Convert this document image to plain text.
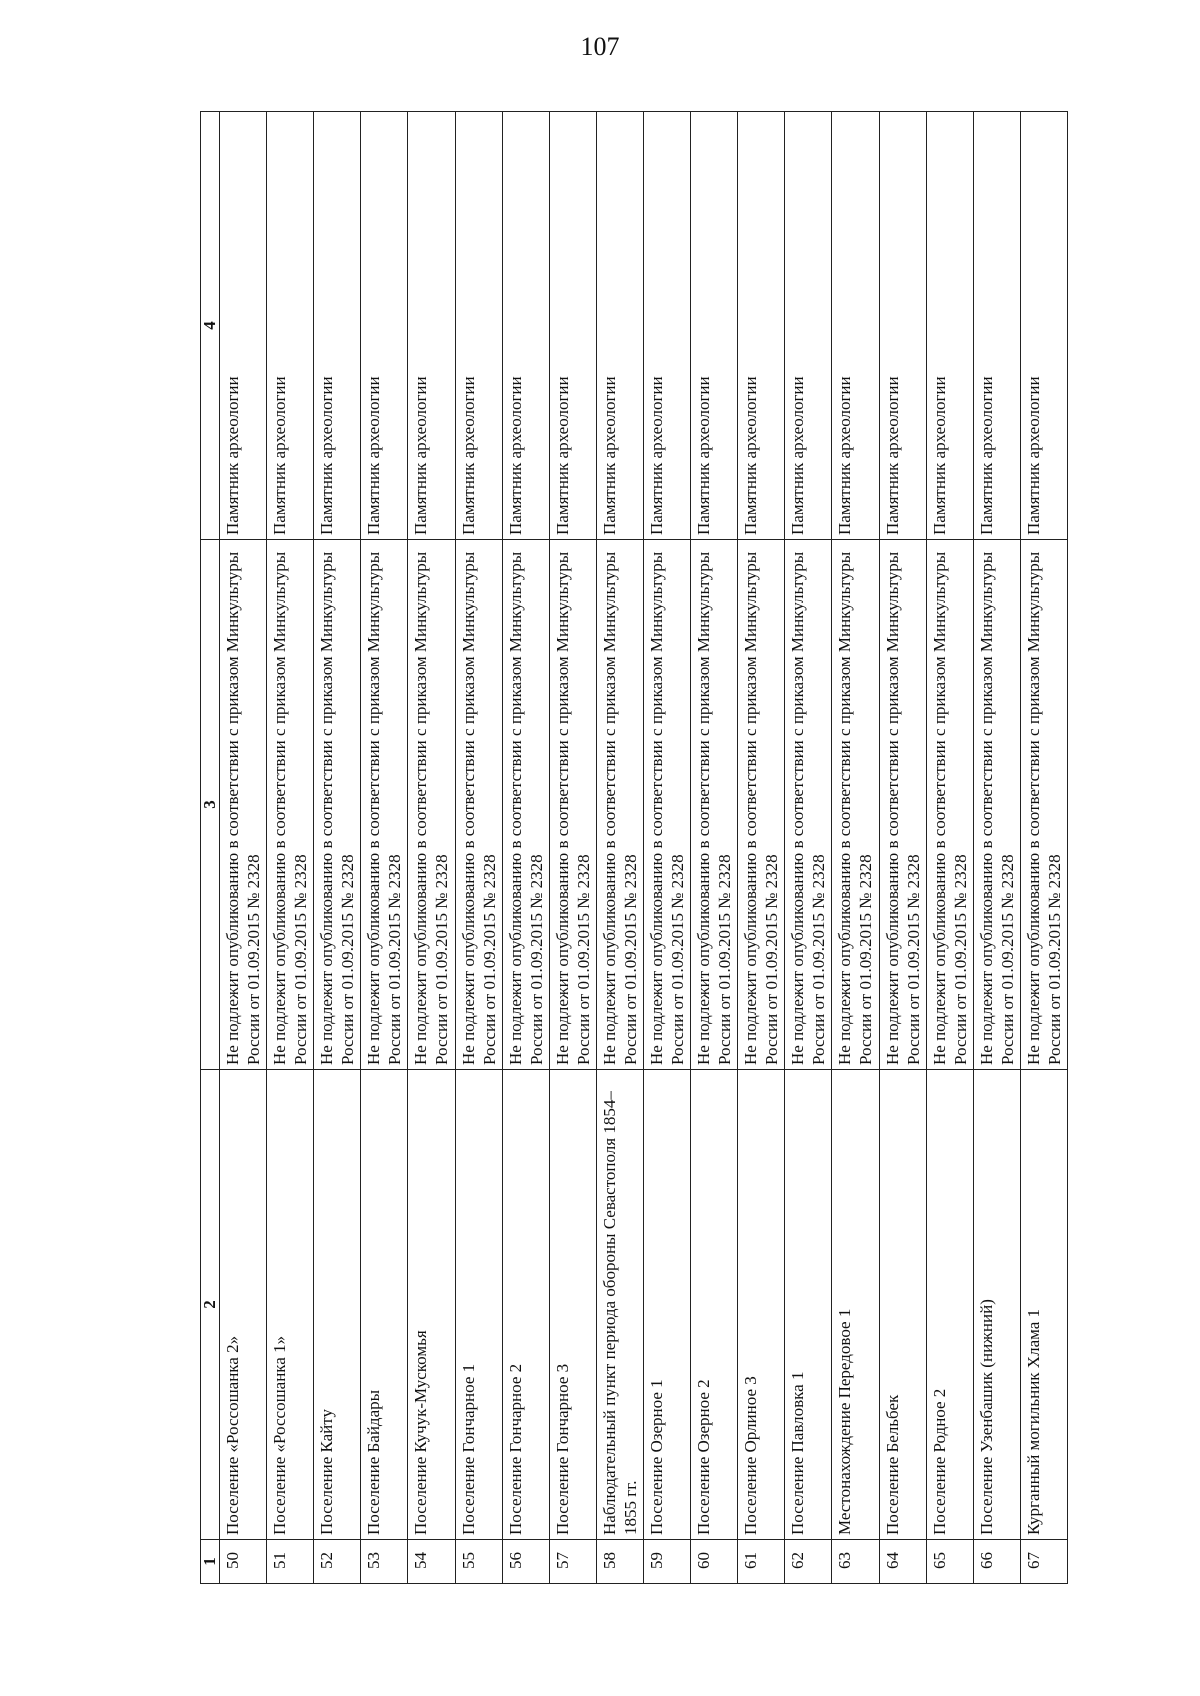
107
1	2	3	4
50	Поселение «Россошанка 2»	Не подлежит опубликованию в соответствии с приказом Минкультуры России от 01.09.2015 № 2328	Памятник археологии
51	Поселение «Россошанка 1»	Не подлежит опубликованию в соответствии с приказом Минкультуры России от 01.09.2015 № 2328	Памятник археологии
52	Поселение Кайту	Не подлежит опубликованию в соответствии с приказом Минкультуры России от 01.09.2015 № 2328	Памятник археологии
53	Поселение Байдары	Не подлежит опубликованию в соответствии с приказом Минкультуры России от 01.09.2015 № 2328	Памятник археологии
54	Поселение Кучук-Мускомья	Не подлежит опубликованию в соответствии с приказом Минкультуры России от 01.09.2015 № 2328	Памятник археологии
55	Поселение Гончарное 1	Не подлежит опубликованию в соответствии с приказом Минкультуры России от 01.09.2015 № 2328	Памятник археологии
56	Поселение Гончарное 2	Не подлежит опубликованию в соответствии с приказом Минкультуры России от 01.09.2015 № 2328	Памятник археологии
57	Поселение Гончарное 3	Не подлежит опубликованию в соответствии с приказом Минкультуры России от 01.09.2015 № 2328	Памятник археологии
58	Наблюдательный пункт периода обороны Севастополя 1854–1855 гг.	Не подлежит опубликованию в соответствии с приказом Минкультуры России от 01.09.2015 № 2328	Памятник археологии
59	Поселение Озерное 1	Не подлежит опубликованию в соответствии с приказом Минкультуры России от 01.09.2015 № 2328	Памятник археологии
60	Поселение Озерное 2	Не подлежит опубликованию в соответствии с приказом Минкультуры России от 01.09.2015 № 2328	Памятник археологии
61	Поселение Орлиное 3	Не подлежит опубликованию в соответствии с приказом Минкультуры России от 01.09.2015 № 2328	Памятник археологии
62	Поселение Павловка 1	Не подлежит опубликованию в соответствии с приказом Минкультуры России от 01.09.2015 № 2328	Памятник археологии
63	Местонахождение Передовое 1	Не подлежит опубликованию в соответствии с приказом Минкультуры России от 01.09.2015 № 2328	Памятник археологии
64	Поселение Бельбек	Не подлежит опубликованию в соответствии с приказом Минкультуры России от 01.09.2015 № 2328	Памятник археологии
65	Поселение Родное 2	Не подлежит опубликованию в соответствии с приказом Минкультуры России от 01.09.2015 № 2328	Памятник археологии
66	Поселение Узенбашик (нижний)	Не подлежит опубликованию в соответствии с приказом Минкультуры России от 01.09.2015 № 2328	Памятник археологии
67	Курганный могильник Хлама 1	Не подлежит опубликованию в соответствии с приказом Минкультуры России от 01.09.2015 № 2328	Памятник археологии
